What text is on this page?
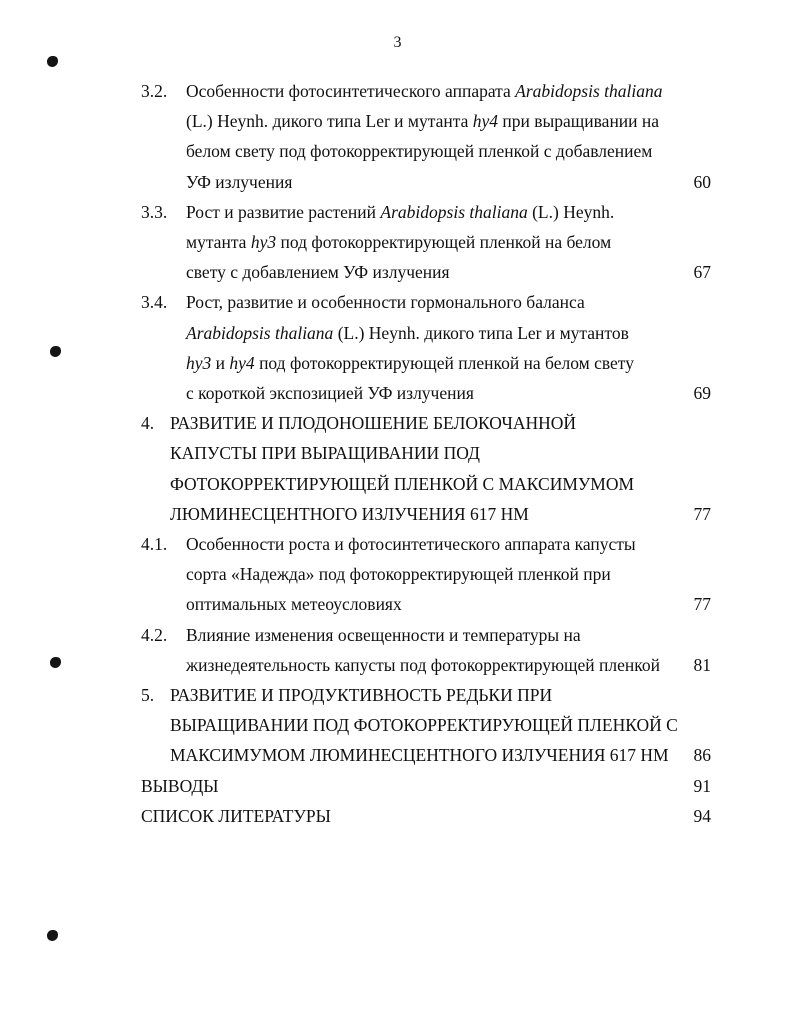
3
3.2. Особенности фотосинтетического аппарата Arabidopsis thaliana
(L.) Heynh. дикого типа Ler и мутанта hy4 при выращивании на
белом свету под фотокорректирующей пленкой с добавлением
УФ излучения	60
3.3. Рост и развитие растений Arabidopsis thaliana (L.) Heynh.
мутанта hy3 под фотокорректирующей пленкой на белом
свету с добавлением УФ излучения	67
3.4. Рост, развитие и особенности гормонального баланса
Arabidopsis thaliana (L.) Heynh. дикого типа Ler и мутантов
hy3 и hy4 под фотокорректирующей пленкой на белом свету
с короткой экспозицией УФ излучения	69
4. РАЗВИТИЕ И ПЛОДОНОШЕНИЕ БЕЛОКОЧАННОЙ
КАПУСТЫ ПРИ ВЫРАЩИВАНИИ ПОД
ФОТОКОРРЕКТИРУЮЩЕЙ ПЛЕНКОЙ С МАКСИМУМОМ
ЛЮМИНЕСЦЕНТНОГО ИЗЛУЧЕНИЯ 617 НМ	77
4.1. Особенности роста и фотосинтетического аппарата капусты
сорта «Надежда» под фотокорректирующей пленкой при
оптимальных метеоусловиях	77
4.2. Влияние изменения освещенности и температуры на
жизнедеятельность капусты под фотокорректирующей пленкой	81
5. РАЗВИТИЕ И ПРОДУКТИВНОСТЬ РЕДЬКИ ПРИ
ВЫРАЩИВАНИИ ПОД ФОТОКОРРЕКТИРУЮЩЕЙ ПЛЕНКОЙ С
МАКСИМУМОМ ЛЮМИНЕСЦЕНТНОГО ИЗЛУЧЕНИЯ 617 НМ	86
ВЫВОДЫ	91
СПИСОК ЛИТЕРАТУРЫ	94
